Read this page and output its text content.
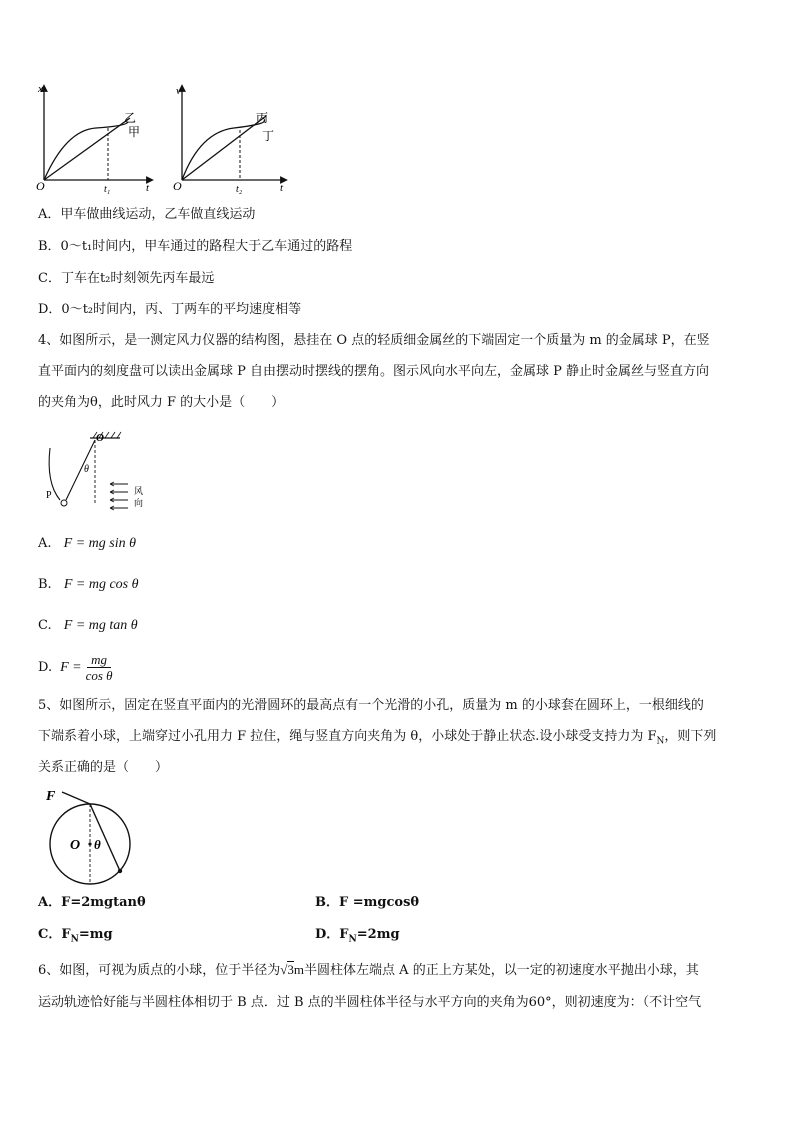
x
O	t
t₁
乙
甲
v
O	t
t₂
丙
丁
A．甲车做曲线运动，乙车做直线运动
B．0～t₁时间内，甲车通过的路程大于乙车通过的路程
C．丁车在t₂时刻领先丙车最远
D．0～t₂时间内，丙、丁两车的平均速度相等
4、如图所示，是一测定风力仪器的结构图，悬挂在 O 点的轻质细金属丝的下端固定一个质量为 m 的金属球 P，在竖
直平面内的刻度盘可以读出金属球 P 自由摆动时摆线的摆角。图示风向水平向左，金属球 P 静止时金属丝与竖直方向
的夹角为θ，此时风力 F 的大小是（　　）
O
θ
P	风
向
A. F = mg sin θ
B. F = mg cos θ
C. F = mg tan θ
D. $F = \frac{mg}{\text{cos θ}}$
5、如图所示，固定在竖直平面内的光滑圆环的最高点有一个光滑的小孔，质量为 m 的小球套在圆环上，一根细线的
下端系着小球，上端穿过小孔用力 F 拉住，绳与竖直方向夹角为 θ，小球处于静止状态.设小球受支持力为 $F_N$，则下列
关系正确的是（　　）
F
O θ
A．F=2mgtanθ	B．F =mgcosθ
C．$F_N=mg$	D．$F_N=2mg$
6、如图，可视为质点的小球，位于半径为√3m半圆柱体左端点 A 的正上方某处，以一定的初速度水平抛出小球，其
运动轨迹恰好能与半圆柱体相切于 B 点．过 B 点的半圆柱体半径与水平方向的夹角为60°，则初速度为：（不计空气
